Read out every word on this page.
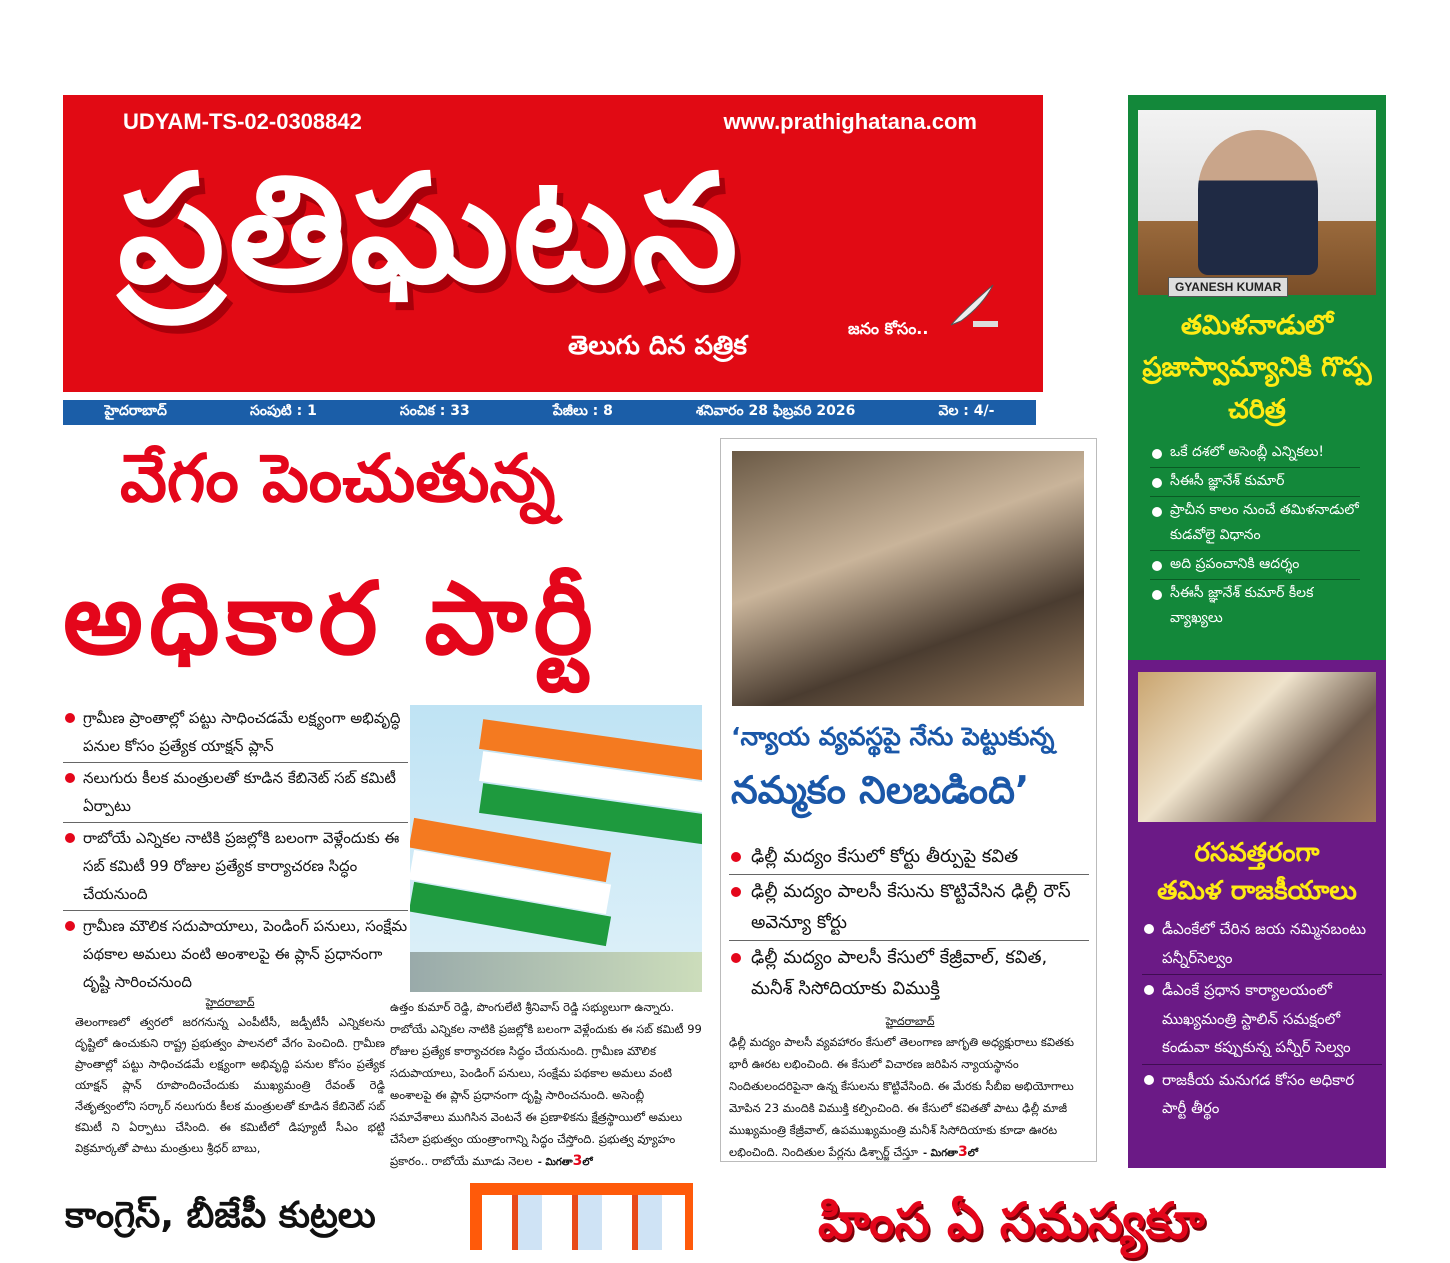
UDYAM-TS-02-0308842	www.prathighatana.com
ప్రతిఘటన
తెలుగు దిన పత్రిక
జనం కోసం..
హైదరాబాద్	సంపుటి : 1	సంచిక : 33	పేజీలు : 8	శనివారం 28 ఫిబ్రవరి 2026	వెల : 4/-
వేగం పెంచుతున్న
అధికార పార్టీ
గ్రామీణ ప్రాంతాల్లో పట్టు సాధించడమే లక్ష్యంగా అభివృద్ధి పనుల కోసం ప్రత్యేక యాక్షన్ ప్లాన్
నలుగురు కీలక మంత్రులతో కూడిన కేబినెట్ సబ్ కమిటీ ఏర్పాటు
రాబోయే ఎన్నికల నాటికి ప్రజల్లోకి బలంగా వెళ్లేందుకు ఈ సబ్ కమిటీ 99 రోజుల ప్రత్యేక కార్యాచరణ సిద్ధం చేయనుంది
గ్రామీణ మౌలిక సదుపాయాలు, పెండింగ్ పనులు, సంక్షేమ పథకాల అమలు వంటి అంశాలపై ఈ ప్లాన్ ప్రధానంగా దృష్టి సారించనుంది
హైదరాబాద్

తెలంగాణలో త్వరలో జరగనున్న ఎంపీటీసీ, జడ్పీటీసీ ఎన్నికలను దృష్టిలో ఉంచుకుని రాష్ట్ర ప్రభుత్వం పాలనలో వేగం పెంచింది. గ్రామీణ ప్రాంతాల్లో పట్టు సాధించడమే లక్ష్యంగా అభివృద్ధి పనుల కోసం ప్రత్యేక యాక్షన్ ప్లాన్ రూపొందించేందుకు ముఖ్యమంత్రి రేవంత్ రెడ్డి నేతృత్వంలోని సర్కార్ నలుగురు కీలక మంత్రులతో కూడిన కేబినెట్ సబ్ కమిటీ ని ఏర్పాటు చేసింది. ఈ కమిటీలో డిప్యూటీ సీఎం భట్టి విక్రమార్కతో పాటు మంత్రులు శ్రీధర్ బాబు,

ఉత్తం కుమార్ రెడ్డి, పొంగులేటి శ్రీనివాస్ రెడ్డి సభ్యులుగా ఉన్నారు. రాబోయే ఎన్నికల నాటికి ప్రజల్లోకి బలంగా వెళ్లేందుకు ఈ సబ్ కమిటీ 99 రోజుల ప్రత్యేక కార్యాచరణ సిద్ధం చేయనుంది. గ్రామీణ మౌలిక సదుపాయాలు, పెండింగ్ పనులు, సంక్షేమ పథకాల అమలు వంటి అంశాలపై ఈ ప్లాన్ ప్రధానంగా దృష్టి సారించనుంది. అసెంబ్లీ సమావేశాలు ముగిసిన వెంటనే ఈ ప్రణాళికను క్షేత్రస్థాయిలో అమలు చేసేలా ప్రభుత్వం యంత్రాంగాన్ని సిద్ధం చేస్తోంది. ప్రభుత్వ వ్యూహం ప్రకారం.. రాబోయే మూడు నెలల - మిగతా3లో
‘న్యాయ వ్యవస్థపై నేను పెట్టుకున్న
నమ్మకం నిలబడింది’
ఢిల్లీ మద్యం కేసులో కోర్టు తీర్పుపై కవిత
ఢిల్లీ మద్యం పాలసీ కేసును కొట్టివేసిన ఢిల్లీ రౌస్ అవెన్యూ కోర్టు
ఢిల్లీ మద్యం పాలసీ కేసులో కేజ్రీవాల్, కవిత, మనీశ్ సిసోదియాకు విముక్తి
హైదరాబాద్

ఢిల్లీ మద్యం పాలసీ వ్యవహారం కేసులో తెలంగాణ జాగృతి అధ్యక్షురాలు కవితకు భారీ ఊరట లభించింది. ఈ కేసులో విచారణ జరిపిన న్యాయస్థానం నిందితులందరిపైనా ఉన్న కేసులను కొట్టివేసింది. ఈ మేరకు సీబీఐ అభియోగాలు మోపిన 23 మందికి విముక్తి కల్పించింది. ఈ కేసులో కవితతో పాటు ఢిల్లీ మాజీ ముఖ్యమంత్రి కేజ్రీవాల్, ఉపముఖ్యమంత్రి మనీశ్ సిసోదియాకు కూడా ఊరట లభించింది. నిందితుల పేర్లను డిశ్చార్జ్ చేస్తూ - మిగతా3లో
GYANESH KUMAR
తమిళనాడులో ప్రజాస్వామ్యానికి గొప్ప చరిత్ర
ఒకే దశలో అసెంబ్లీ ఎన్నికలు!
సీఈసీ జ్ఞానేశ్ కుమార్
ప్రాచీన కాలం నుంచే తమిళనాడులో కుడవోలై విధానం
అది ప్రపంచానికి ఆదర్శం
సీఈసీ జ్ఞానేశ్ కుమార్ కీలక వ్యాఖ్యలు
రసవత్తరంగా
తమిళ రాజకీయాలు
డీఎంకేలో చేరిన జయ నమ్మినబంటు పన్నీర్‌సెల్వం
డీఎంకే ప్రధాన కార్యాలయంలో ముఖ్యమంత్రి స్టాలిన్ సమక్షంలో కండువా కప్పుకున్న పన్నీర్ సెల్వం
రాజకీయ మనుగడ కోసం అధికార పార్టీ తీర్థం
కాంగ్రెస్, బీజేపీ కుట్రలు	హింస ఏ సమస్యకూ
